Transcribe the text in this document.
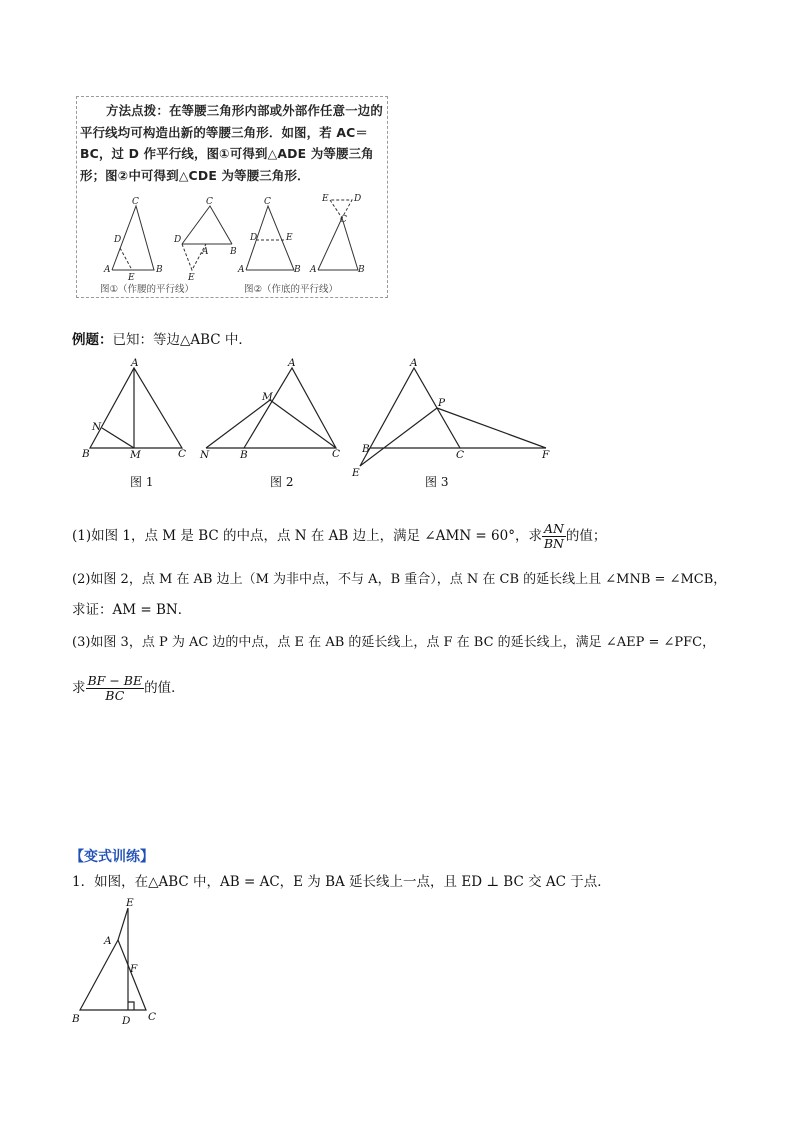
方法点拨：在等腰三角形内部或外部作任意一边的平行线均可构造出新的等腰三角形．如图，若 AC＝BC，过 D 作平行线，图①可得到△ADE 为等腰三角形；图②中可得到△CDE 为等腰三角形．
C
D
A	B
E
C
D
A B
E
C
D	E
A	B
E	D
C
A	B
图①（作腰的平行线）	图②（作底的平行线）
例题：已知：等边△ABC 中．
A
N
B	M	C
A
M
N	B	C
A
P
B	C	F
E
图 1	图 2	图 3
(1)如图 1，点 M 是 BC 的中点，点 N 在 AB 边上，满足 ∠AMN = 60°，求 $\frac{AN}{BN}$ 的值；
(2)如图 2，点 M 在 AB 边上（M 为非中点，不与 A，B 重合），点 N 在 CB 的延长线上且 ∠MNB = ∠MCB，
求证：AM = BN．
(3)如图 3，点 P 为 AC 边的中点，点 E 在 AB 的延长线上，点 F 在 BC 的延长线上，满足 ∠AEP = ∠PFC，
求 $\frac{BF - BE}{BC}$ 的值．
【变式训练】
1．如图，在△ABC 中，AB = AC，E 为 BA 延长线上一点，且 ED ⊥ BC 交 AC 于点．
E
A
F
B	D C
